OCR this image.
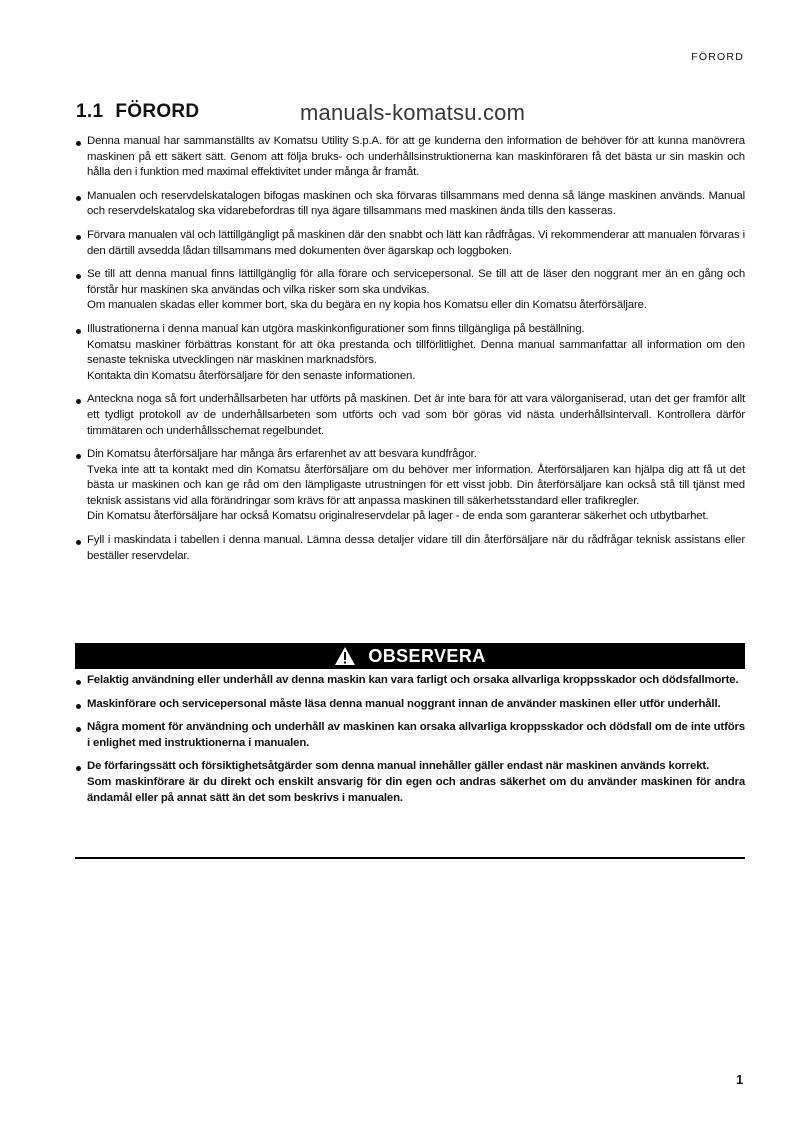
FÖRORD
1.1 FÖRORD	manuals-komatsu.com

Denna manual har sammanställts av Komatsu Utility S.p.A. för att ge kunderna den information de behöver för att kunna manövrera maskinen på ett säkert sätt. Genom att följa bruks- och underhållsinstruktionerna kan maskinföraren få det bästa ur sin maskin och hålla den i funktion med maximal effektivitet under många år framåt.

Manualen och reservdelskatalogen bifogas maskinen och ska förvaras tillsammans med denna så länge maskinen används. Manual och reservdelskatalog ska vidarebefordras till nya ägare tillsammans med maskinen ända tills den kasseras.

Förvara manualen väl och lättillgängligt på maskinen där den snabbt och lätt kan rådfrågas. Vi rekommenderar att manualen förvaras i den därtill avsedda lådan tillsammans med dokumenten över ägarskap och loggboken.

Se till att denna manual finns lättillgänglig för alla förare och servicepersonal. Se till att de läser den noggrant mer än en gång och förstår hur maskinen ska användas och vilka risker som ska undvikas.

Om manualen skadas eller kommer bort, ska du begära en ny kopia hos Komatsu eller din Komatsu återförsäljare.

Illustrationerna i denna manual kan utgöra maskinkonfigurationer som finns tillgängliga på beställning.

Komatsu maskiner förbättras konstant för att öka prestanda och tillförlitlighet. Denna manual sammanfattar all information om den senaste tekniska utvecklingen när maskinen marknadsförs.

Kontakta din Komatsu återförsäljare för den senaste informationen.

Anteckna noga så fort underhållsarbeten har utförts på maskinen. Det är inte bara för att vara välorganiserad, utan det ger framför allt ett tydligt protokoll av de underhållsarbeten som utförts och vad som bör göras vid nästa underhållsintervall. Kontrollera därför timmätaren och underhållsschemat regelbundet.

Din Komatsu återförsäljare har många års erfarenhet av att besvara kundfrågor.

Tveka inte att ta kontakt med din Komatsu återförsäljare om du behöver mer information. Återförsäljaren kan hjälpa dig att få ut det bästa ur maskinen och kan ge råd om den lämpligaste utrustningen för ett visst jobb. Din återförsäljare kan också stå till tjänst med teknisk assistans vid alla förändringar som krävs för att anpassa maskinen till säkerhetsstandard eller trafikregler.

Din Komatsu återförsäljare har också Komatsu originalreservdelar på lager - de enda som garanterar säkerhet och utbytbarhet.

Fyll i maskindata i tabellen i denna manual. Lämna dessa detaljer vidare till din återförsäljare när du rådfrågar teknisk assistans eller beställer reservdelar.

OBSERVERA

Felaktig användning eller underhåll av denna maskin kan vara farligt och orsaka allvarliga kroppsskador och dödsfallmorte.

Maskinförare och servicepersonal måste läsa denna manual noggrant innan de använder maskinen eller utför underhåll.

Några moment för användning och underhåll av maskinen kan orsaka allvarliga kroppsskador och dödsfall om de inte utförs i enlighet med instruktionerna i manualen.

De förfaringssätt och försiktighetsåtgärder som denna manual innehåller gäller endast när maskinen används korrekt.

Som maskinförare är du direkt och enskilt ansvarig för din egen och andras säkerhet om du använder maskinen för andra ändamål eller på annat sätt än det som beskrivs i manualen.

1
